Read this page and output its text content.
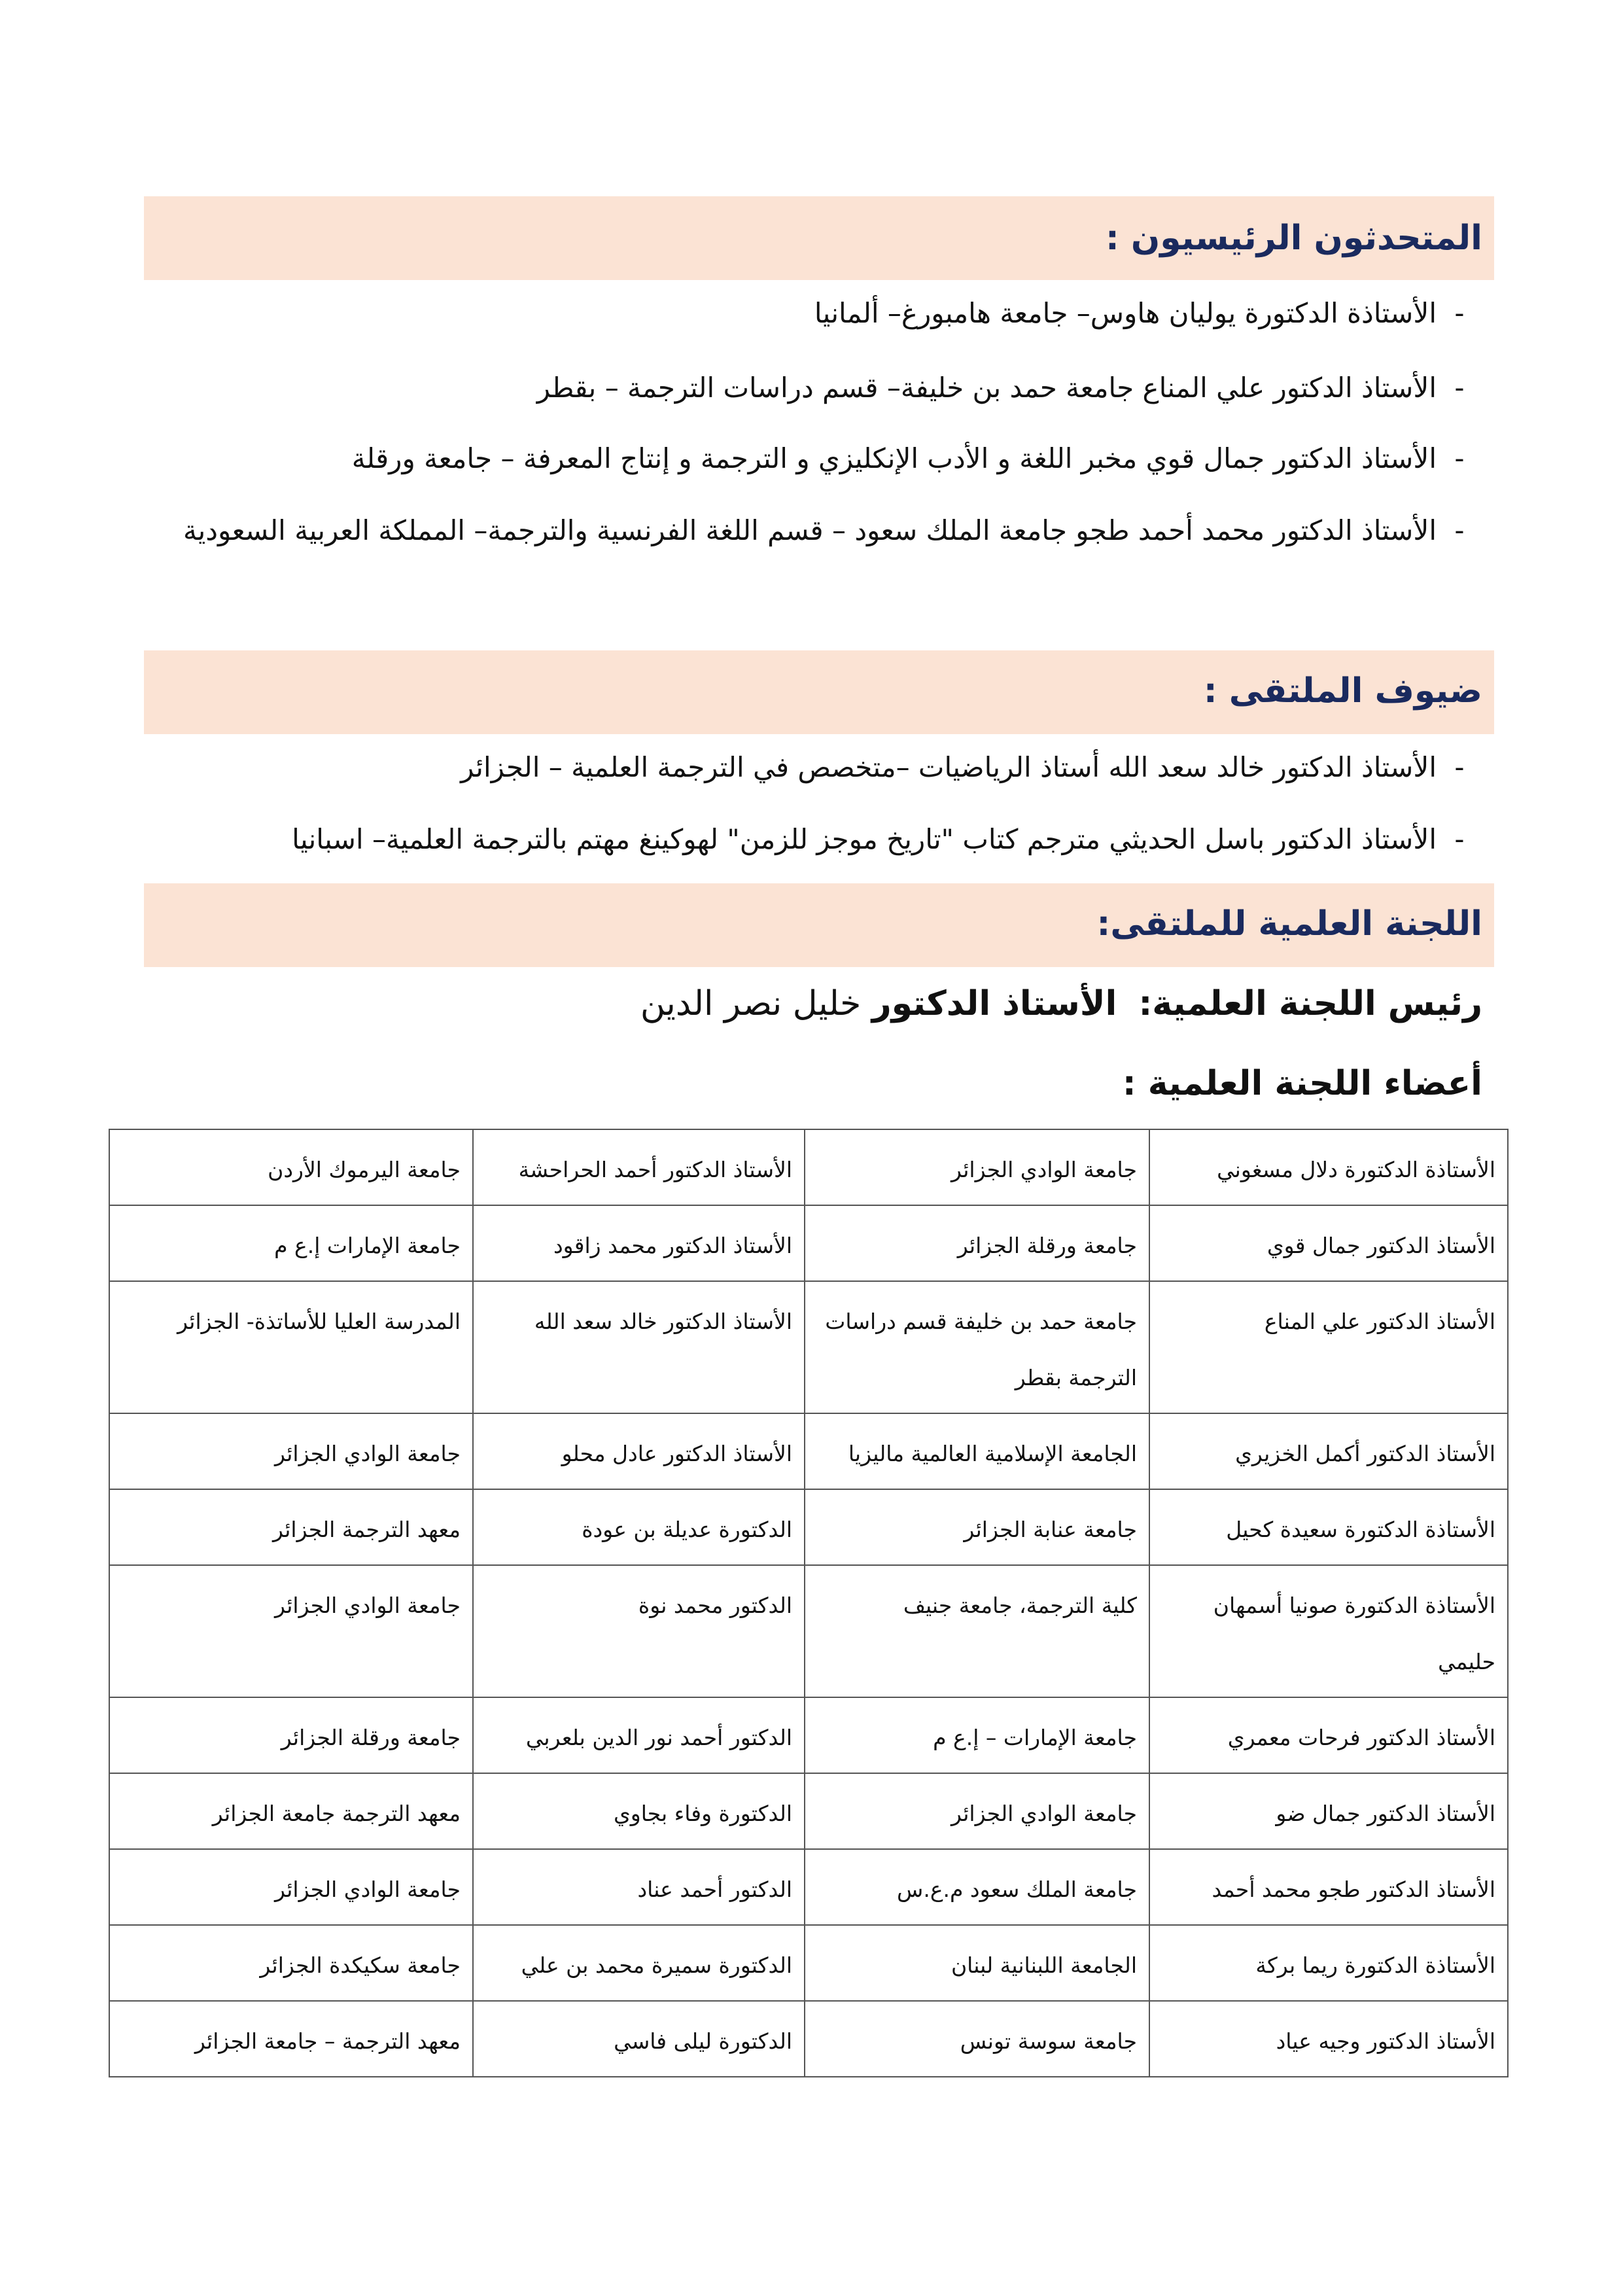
المتحدثون الرئيسيون :
-الأستاذة الدكتورة يوليان هاوس– جامعة هامبورغ– ألمانيا
-الأستاذ الدكتور علي المناع جامعة حمد بن خليفة– قسم دراسات الترجمة – بقطر
-الأستاذ الدكتور جمال قوي مخبر اللغة و الأدب الإنكليزي و الترجمة و إنتاج المعرفة – جامعة ورقلة
-الأستاذ الدكتور محمد أحمد طجو جامعة الملك سعود – قسم اللغة الفرنسية والترجمة– المملكة العربية السعودية
ضيوف الملتقى :
-الأستاذ الدكتور خالد سعد الله أستاذ الرياضيات –متخصص في الترجمة العلمية – الجزائر
-الأستاذ الدكتور باسل الحديثي مترجم كتاب "تاريخ موجز للزمن" لهوكينغ مهتم بالترجمة العلمية– اسبانيا
اللجنة العلمية للملتقى:
رئيس اللجنة العلمية:  الأستاذ الدكتور خليل نصر الدين
أعضاء اللجنة العلمية :
الأستاذة الدكتورة دلال مسغوني	جامعة الوادي الجزائر	الأستاذ الدكتور أحمد الحراحشة	جامعة اليرموك الأردن
الأستاذ الدكتور جمال قوي	جامعة ورقلة الجزائر	الأستاذ الدكتور محمد زاقود	جامعة الإمارات إ.ع م
الأستاذ الدكتور علي المناع	جامعة حمد بن خليفة قسم دراسات الترجمة بقطر	الأستاذ الدكتور خالد سعد الله	المدرسة العليا للأساتذة- الجزائر
الأستاذ الدكتور أكمل الخزيري	الجامعة الإسلامية العالمية ماليزيا	الأستاذ الدكتور عادل محلو	جامعة الوادي الجزائر
الأستاذة الدكتورة سعيدة كحيل	جامعة عنابة الجزائر	الدكتورة عديلة بن عودة	معهد الترجمة الجزائر
الأستاذة الدكتورة صونيا أسمهان حليمي	كلية الترجمة، جامعة جنيف	الدكتور محمد نوة	جامعة الوادي الجزائر
الأستاذ الدكتور فرحات معمري	جامعة الإمارات – إ.ع م	الدكتور أحمد نور الدين بلعربي	جامعة ورقلة الجزائر
الأستاذ الدكتور جمال ضو	جامعة الوادي الجزائر	الدكتورة وفاء بجاوي	معهد الترجمة جامعة الجزائر
الأستاذ الدكتور طجو محمد أحمد	جامعة الملك سعود م.ع.س	الدكتور أحمد عناد	جامعة الوادي الجزائر
الأستاذة الدكتورة ريما بركة	الجامعة اللبنانية لبنان	الدكتورة سميرة محمد بن علي	جامعة سكيكدة الجزائر
الأستاذ الدكتور وجيه عياد	جامعة سوسة تونس	الدكتورة ليلى فاسي	معهد الترجمة – جامعة الجزائر
